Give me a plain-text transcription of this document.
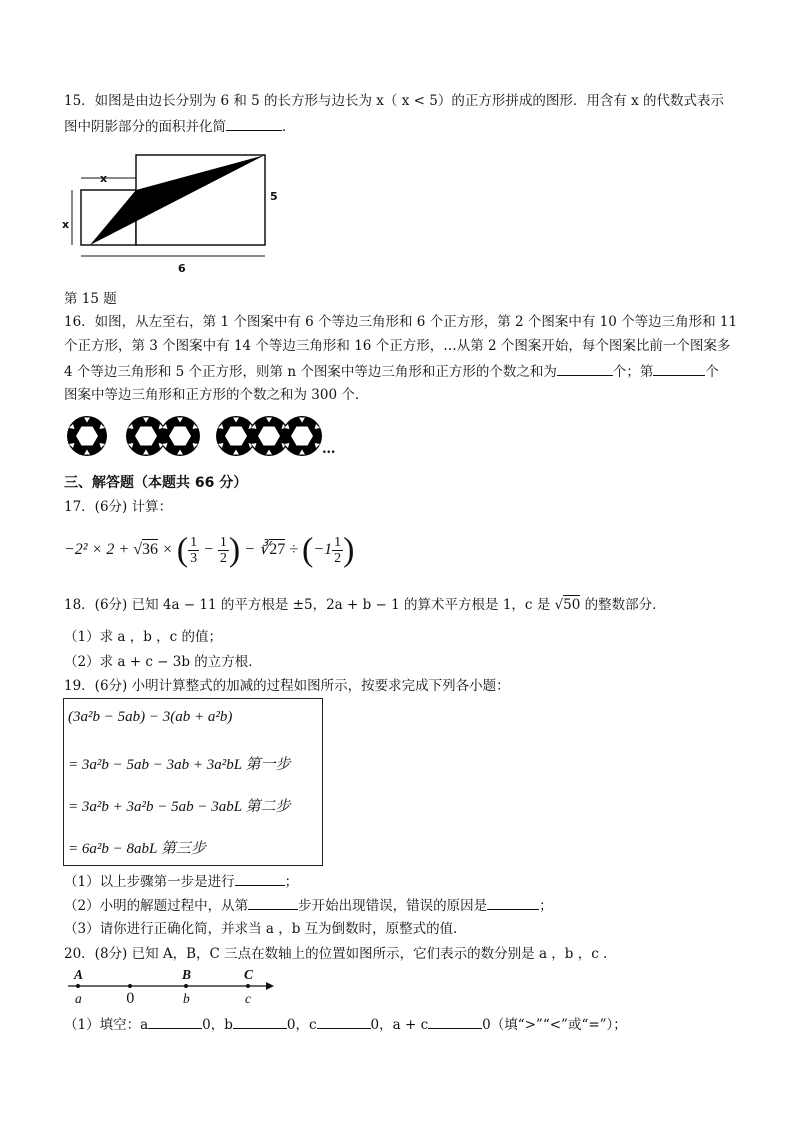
15．如图是由边长分别为 6 和 5 的长方形与边长为 x（ x < 5）的正方形拼成的图形．用含有 x 的代数式表示
图中阴影部分的面积并化简	．
x
x
5
6
第 15 题
16．如图，从左至右，第 1 个图案中有 6 个等边三角形和 6 个正方形，第 2 个图案中有 10 个等边三角形和 11
个正方形，第 3 个图案中有 14 个等边三角形和 16 个正方形，…从第 2 个图案开始，每个图案比前一个图案多
4 个等边三角形和 5 个正方形，则第 n 个图案中等边三角形和正方形的个数之和为	个；第	个
图案中等边三角形和正方形的个数之和为 300 个．
…
三、解答题（本题共 66 分）
17．(6分) 计算：
−2² × 2 + √36 × ( $\frac{1}{3} - \frac{1}{2}$ ) − ∛27 ÷ ($-1 \frac{1}{2}$ )
18．(6分) 已知 4a − 11 的平方根是 ±5，2a + b − 1 的算术平方根是 1，c 是 √50 的整数部分．
（1）求 a ，b ，c 的值；
（2）求 a + c − 3b 的立方根．
19．(6分) 小明计算整式的加减的过程如图所示，按要求完成下列各小题：
(3a²b − 5ab) − 3(ab + a²b)
= 3a²b − 5ab − 3ab + 3a²bL 第一步
= 3a²b + 3a²b − 5ab − 3abL 第二步
= 6a²b − 8abL 第三步
（1）以上步骤第一步是进行	；
（2）小明的解题过程中，从第	步开始出现错误，错误的原因是	；
（3）请你进行正确化简，并求当 a ，b 互为倒数时，原整式的值．
20．(8分) 已知 A，B，C 三点在数轴上的位置如图所示，它们表示的数分别是 a ，b ，c ．
A	B	C
a	0	b	c
（1）填空：a	0，b	0，c	0，a + c	0（填“>”“<”或“=”）；
